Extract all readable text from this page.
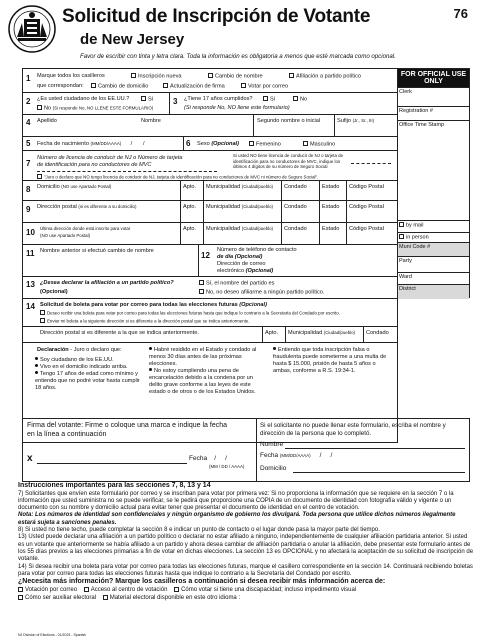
Solicitud de Inscripción de Votante
de New Jersey
76
Favor de escribir con tinta y letra clara. Toda la información es obligatoria a menos que esté marcada como opcional.
1 Marque todos los casilleros
que correspondan:
Inscripción nueva	Cambio de nombre	Afiliación a partido político
Cambio de domicilio	Actualización de firma	Votar por correo
2 ¿Es usted ciudadano de los EE.UU.?	Sí
No (Si responde No, NO LLENE ESTE FORMULARIO)
3 ¿Tiene 17 años cumplidos?	Sí	No
(Si responde No, NO llene este formulario)
4 Apellido	Nombre	Segundo nombre o inicial	Sufijo (Jr., Sr., III)
5 Fecha de nacimiento (MM/DD/AAAA)      /       /	6 Sexo (Opcional)	Femenino	Masculino
7
Número de licencia de conducir de NJ o Número de tarjeta
de identificación para no conductores de MVC
Si usted NO tiene licencia de conducir de NJ o tarjeta de identificación para no conductores de MVC, indique los últimos 4 dígitos de su número de Seguro Social
"Juro o declaro que NO tengo licencia de conducir de NJ, tarjeta de identificación para no conductores de MVC ni número de Seguro Social".
8 Domicilio (NO use Apartado Postal)	Apto. Municipalidad (Ciudad/pueblo) Condado	Estado Código Postal
9 Dirección postal (si es diferente a su domicilio)	Apto. Municipalidad (Ciudad/pueblo) Condado	Estado Código Postal
10 Última dirección donde está inscrito para votar
(NO use Apartado Postal)
Apto. Municipalidad (Ciudad/pueblo) Condado	Estado Código Postal
11 Nombre anterior si efectuó cambio de nombre	12
Número de teléfono de contacto
de día (Opcional)
Dirección de correo
electrónico (Opcional)
13 ¿Desea declarar la afiliación a un partido político?
(Opcional)
Sí, el nombre del partido es
No, no deseo afiliarme a ningún partido político.
14 Solicitud de boleta para votar por correo para todas las elecciones futuras (Opcional)
Deseo recibir una boleta para votar por correo para todas las elecciones futuras hasta que indique lo contrario a la Secretaría del Condado por escrito.
Enviar mi boleta a la siguiente dirección si es diferente a la dirección postal que se indica anteriormente.
Dirección postal si es diferente a la que se indica anteriormente.	Apto. Municipalidad (Ciudad/pueblo) Condado
Declaración - Juro o declaro que:
Soy ciudadano de los EE.UU.
Vivo en el domicilio indicado arriba.
Tengo 17 años de edad como mínimo y entiendo que no podré votar hasta cumplir 18 años.
Habré residido en el Estado y condado al menos 30 días antes de las próximas elecciones.
No estoy cumpliendo una pena de encarcelación debido a la condena por un delito grave conforme a las leyes de este estado o de otros o de los Estados Unidos.
Entiendo que toda inscripción falsa o fraudulenta puede someterme a una multa de hasta $ 15.000, prisión de hasta 5 años o ambas, conforme a R.S. 19:34-1.
FOR OFFICIAL USE ONLY
Clerk
Registration #
Office Time Stamp
by mail
in person
Muni Code #
Party
Ward
District
Firma del votante: Firme o coloque una marca e indique la fecha en la línea a continuación
x	Fecha    /     /
(MM / DD / AAAA)
Si el solicitante no puede llenar este formulario, escriba el nombre y dirección de la persona que lo completó.
Nombre
Fecha (MM/DD/AAAA)     /     /
Domicilio
Instrucciones importantes para las secciones 7, 8, 13 y 14
7) Solicitantes que envíen este formulario por correo y se inscriban para votar por primera vez: Si no proporciona la información que se requiere en la sección 7 o la información que usted suministra no se puede verificar, se le pedirá que proporcione una COPIA de un documento de identidad con fotografía válido y vigente o un documento con su nombre y domicilio actual para evitar tener que presentar el documento de identidad en el centro de votación.
Nota: Los números de identidad son confidenciales y ningún organismo de gobierno los divulgará. Toda persona que utilice dichos números ilegalmente estará sujeta a sanciones penales.
8) Si usted no tiene techo, puede completar la sección 8 e indicar un punto de contacto o el lugar donde pasa la mayor parte del tiempo.
13) Usted puede declarar una afiliación a un partido político o declarar no estar afiliado a ninguno, independientemente de cualquier afiliación partidaria anterior. Si usted es un votante que anteriormente se había afiliado a un partido y ahora desea cambiar de afiliación partidaria o anular la afiliación, debe presentar este formulario antes de los 55 días previos a las elecciones primarias a fin de votar en dichas elecciones. La sección 13 es OPCIONAL y no afectará la aceptación de su solicitud de inscripción de votante.
14) Si desea recibir una boleta para votar por correo para todas las elecciones futuras, marque el casillero correspondiente en la sección 14. Continuará recibiendo boletas para votar por correo para todas las elecciones futuras hasta que indique lo contrario a la Secretaría del Condado por escrito.
¿Necesita más información? Marque los casilleros a continuación si desea recibir más información acerca de:
Votación por correo Acceso al centro de votación Cómo votar si tiene una discapacidad; incluso impedimento visual
Cómo ser auxiliar electoral Material electoral disponible en este otro idioma :
NJ Division of Elections - 01/2023 - Spanish
